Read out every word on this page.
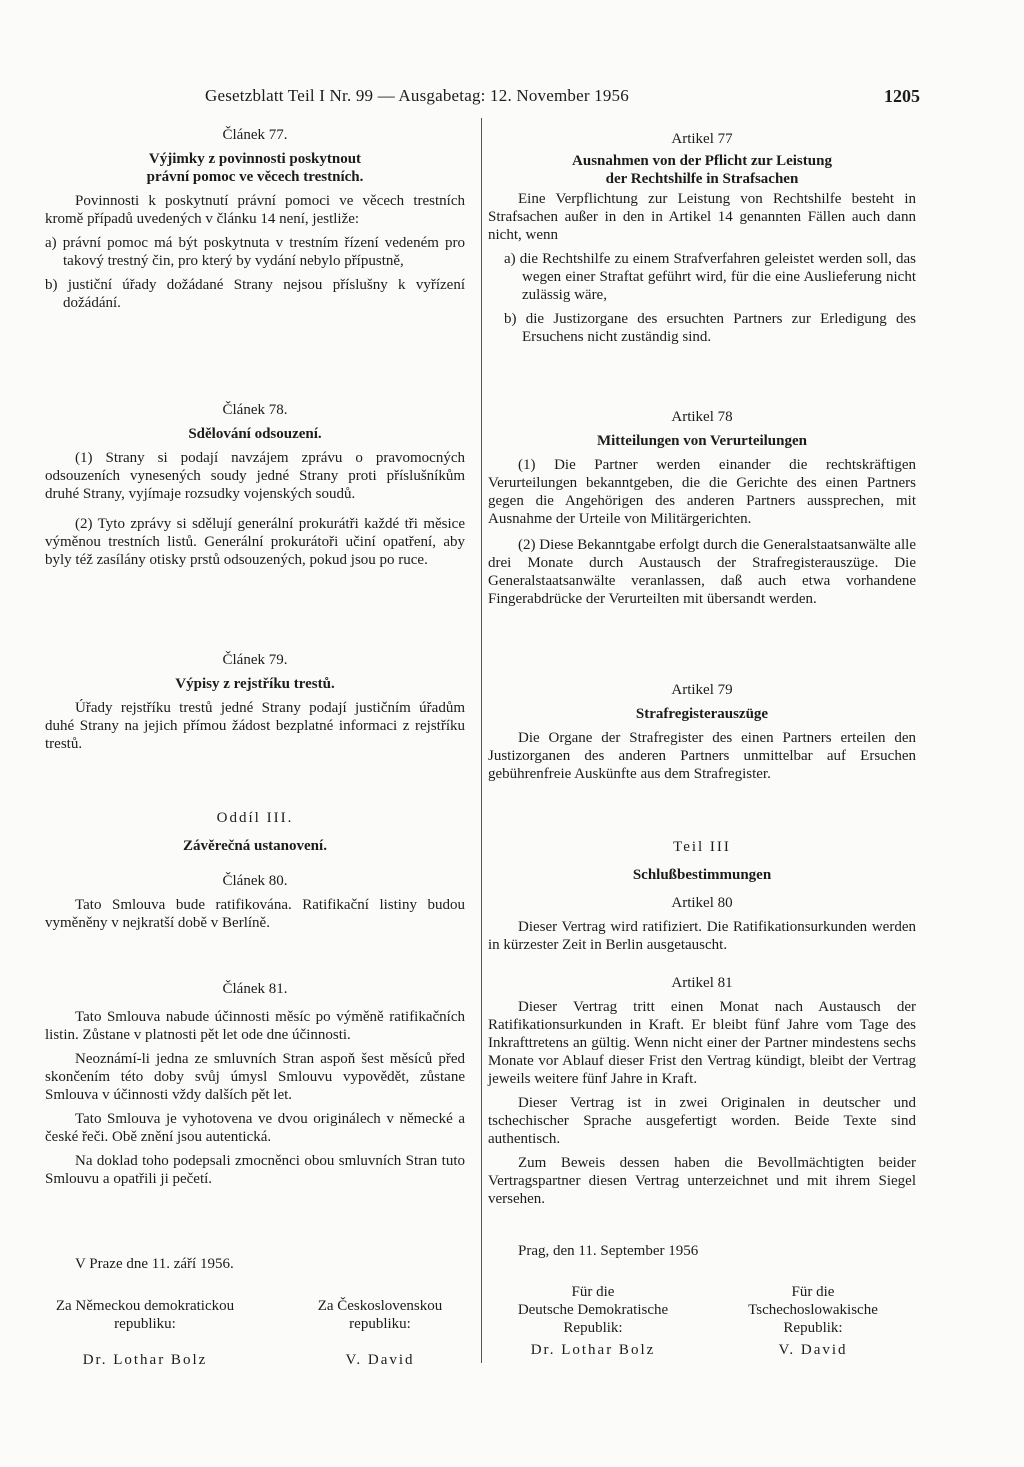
Gesetzblatt Teil I Nr. 99 — Ausgabetag: 12. November 1956	1205
Článek 77.
Výjimky z povinnosti poskytnout
právní pomoc ve věcech trestních.

Povinnosti k poskytnutí právní pomoci ve věcech trestních kromě případů uvedených v článku 14 není, jestliže:

a) právní pomoc má být poskytnuta v trestním řízení vedeném pro takový trestný čin, pro který by vydání nebylo přípustně,

b) justiční úřady dožádané Strany nejsou příslušny k vyřízení dožádání.

Článek 78.
Sdělování odsouzení.

(1) Strany si podají navzájem zprávu o pravomocných odsouzeních vynesených soudy jedné Strany proti příslušníkům druhé Strany, vyjímaje rozsudky vojenských soudů.

(2) Tyto zprávy si sdělují generální prokurátři každé tři měsice výměnou trestních listů. Generální prokurátoři učiní opatření, aby byly též zasílány otisky prstů odsouzených, pokud jsou po ruce.

Článek 79.
Výpisy z rejstříku trestů.

Úřady rejstříku trestů jedné Strany podají justičním úřadům duhé Strany na jejich přímou žádost bezplatné informaci z rejstříku trestů.

Oddíl III.
Závěrečná ustanovení.
Článek 80.

Tato Smlouva bude ratifikována. Ratifikační listiny budou vyměněny v nejkratší době v Berlíně.

Článek 81.

Tato Smlouva nabude účinnosti měsíc po výměně ratifikačních listin. Zůstane v platnosti pět let ode dne účinnosti.

Neoznámí-li jedna ze smluvních Stran aspoň šest měsíců před skončením této doby svůj úmysl Smlouvu vypovědět, zůstane Smlouva v účinnosti vždy dalších pět let.

Tato Smlouva je vyhotovena ve dvou originálech v německé a české řeči. Obě znění jsou autentická.

Na doklad toho podepsali zmocněnci obou smluvních Stran tuto Smlouvu a opatřili ji pečetí.

V Praze dne 11. září 1956.

Za Německou demokratickou
republiku:
Dr. Lothar Bolz
Za Československou
republiku:
V. David
Artikel 77
Ausnahmen von der Pflicht zur Leistung
der Rechtshilfe in Strafsachen

Eine Verpflichtung zur Leistung von Rechtshilfe besteht in Strafsachen außer in den in Artikel 14 genannten Fällen auch dann nicht, wenn

a) die Rechtshilfe zu einem Strafverfahren geleistet werden soll, das wegen einer Straftat geführt wird, für die eine Auslieferung nicht zulässig wäre,

b) die Justizorgane des ersuchten Partners zur Erledigung des Ersuchens nicht zuständig sind.

Artikel 78
Mitteilungen von Verurteilungen

(1) Die Partner werden einander die rechtskräftigen Verurteilungen bekanntgeben, die die Gerichte des einen Partners gegen die Angehörigen des anderen Partners aussprechen, mit Ausnahme der Urteile von Militärgerichten.

(2) Diese Bekanntgabe erfolgt durch die Generalstaatsanwälte alle drei Monate durch Austausch der Strafregisterauszüge. Die Generalstaatsanwälte veranlassen, daß auch etwa vorhandene Fingerabdrücke der Verurteilten mit übersandt werden.

Artikel 79
Strafregisterauszüge

Die Organe der Strafregister des einen Partners erteilen den Justizorganen des anderen Partners unmittelbar auf Ersuchen gebührenfreie Auskünfte aus dem Strafregister.

Teil III
Schlußbestimmungen
Artikel 80

Dieser Vertrag wird ratifiziert. Die Ratifikationsurkunden werden in kürzester Zeit in Berlin ausgetauscht.

Artikel 81

Dieser Vertrag tritt einen Monat nach Austausch der Ratifikationsurkunden in Kraft. Er bleibt fünf Jahre vom Tage des Inkrafttretens an gültig. Wenn nicht einer der Partner mindestens sechs Monate vor Ablauf dieser Frist den Vertrag kündigt, bleibt der Vertrag jeweils weitere fünf Jahre in Kraft.

Dieser Vertrag ist in zwei Originalen in deutscher und tschechischer Sprache ausgefertigt worden. Beide Texte sind authentisch.

Zum Beweis dessen haben die Bevollmächtigten beider Vertragspartner diesen Vertrag unterzeichnet und mit ihrem Siegel versehen.

Prag, den 11. September 1956

Für die
Deutsche Demokratische
Republik:
Dr. Lothar Bolz
Für die
Tschechoslowakische
Republik:
V. David
